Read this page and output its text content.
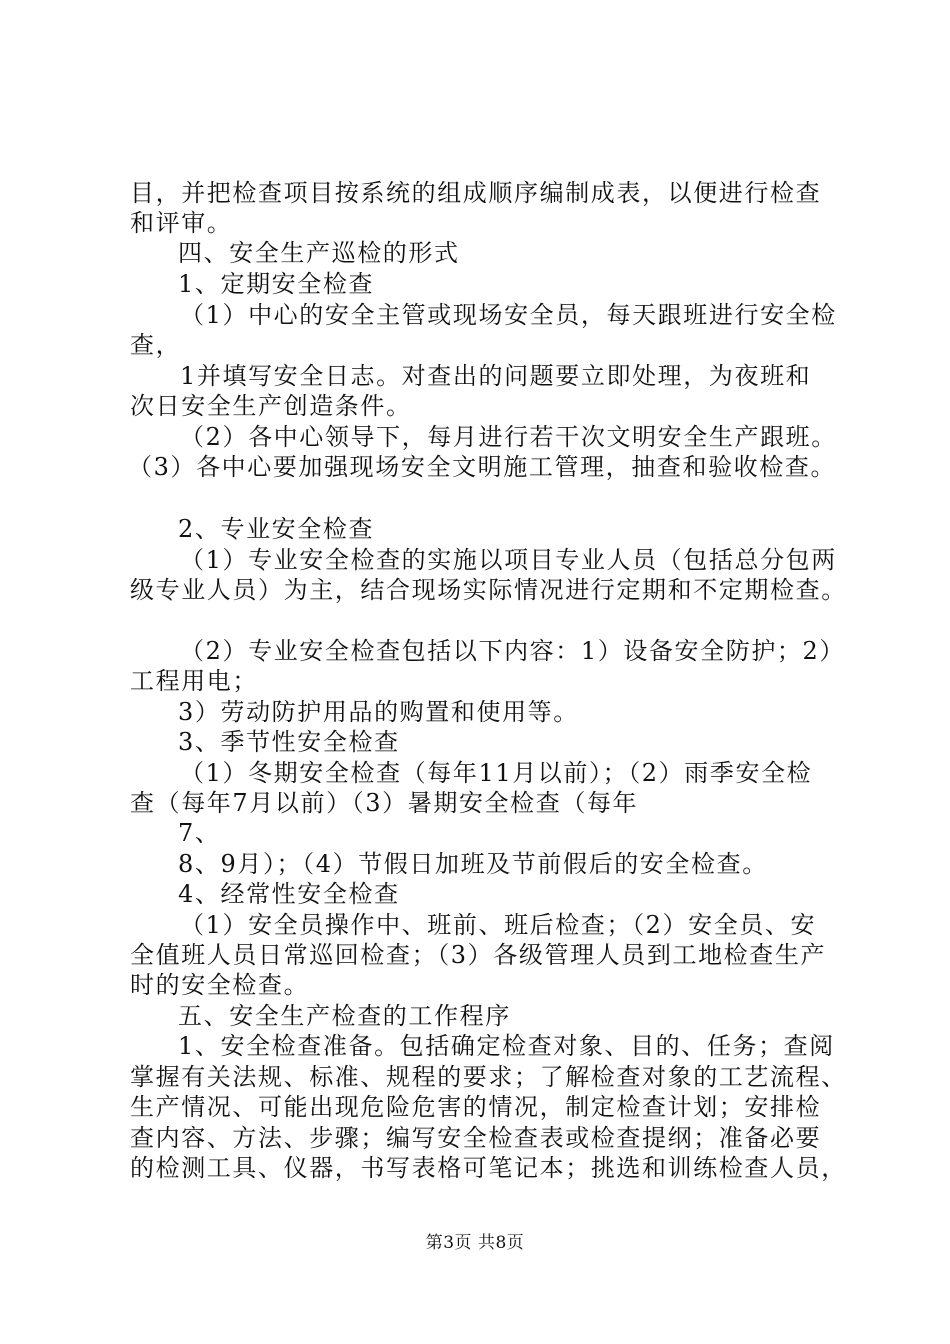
目，并把检查项目按系统的组成顺序编制成表，以便进行检查
和评审。
四、安全生产巡检的形式
1、定期安全检查
（1）中心的安全主管或现场安全员，每天跟班进行安全检
查，
1并填写安全日志。对查出的问题要立即处理，为夜班和
次日安全生产创造条件。
（2）各中心领导下，每月进行若干次文明安全生产跟班。
（3）各中心要加强现场安全文明施工管理，抽查和验收检查。
2、专业安全检查
（1）专业安全检查的实施以项目专业人员（包括总分包两
级专业人员）为主，结合现场实际情况进行定期和不定期检查。
（2）专业安全检查包括以下内容：1）设备安全防护；2）
工程用电；
3）劳动防护用品的购置和使用等。
3、季节性安全检查
（1）冬期安全检查（每年11月以前）；（2）雨季安全检
查（每年7月以前）（3）暑期安全检查（每年
7、
8、9月）；（4）节假日加班及节前假后的安全检查。
4、经常性安全检查
（1）安全员操作中、班前、班后检查；（2）安全员、安
全值班人员日常巡回检查；（3）各级管理人员到工地检查生产
时的安全检查。
五、安全生产检查的工作程序
1、安全检查准备。包括确定检查对象、目的、任务；查阅
掌握有关法规、标准、规程的要求；了解检查对象的工艺流程、
生产情况、可能出现危险危害的情况，制定检查计划；安排检
查内容、方法、步骤；编写安全检查表或检查提纲；准备必要
的检测工具、仪器，书写表格可笔记本；挑选和训练检查人员，
第3页 共8页
